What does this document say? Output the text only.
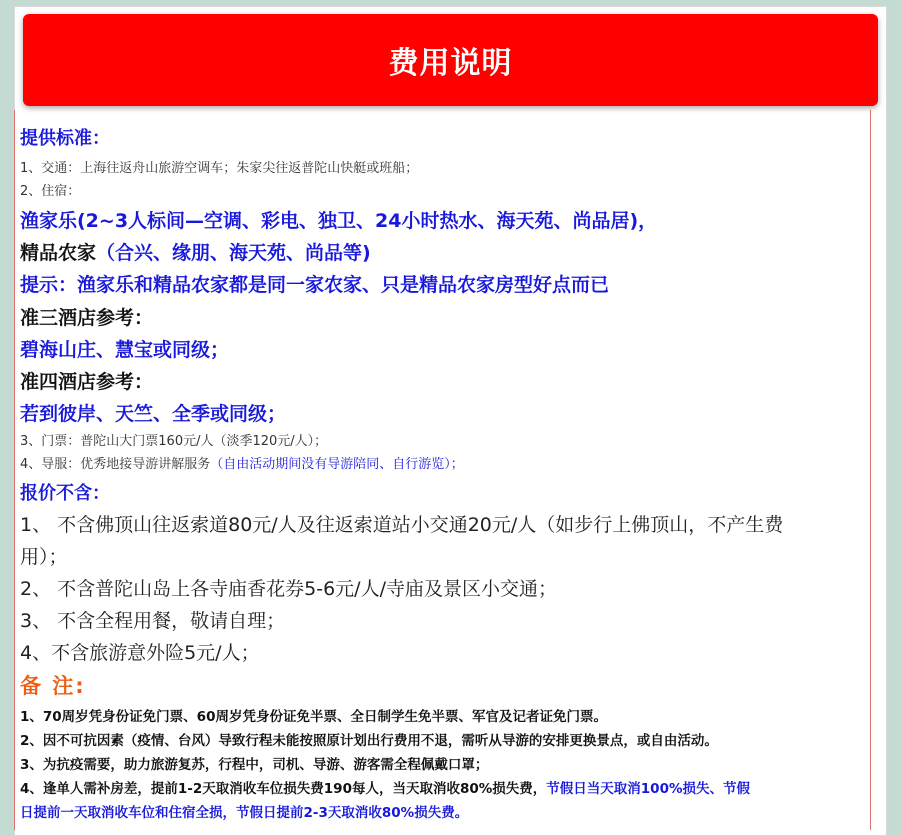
费用说明
提供标准：
1、交通：上海往返舟山旅游空调车；朱家尖往返普陀山快艇或班船；
2、住宿：
渔家乐(2~3人标间—空调、彩电、独卫、24小时热水、海天苑、尚品居)，
精品农家（合兴、缘朋、海天苑、尚品等)
提示：渔家乐和精品农家都是同一家农家、只是精品农家房型好点而已
准三酒店参考：
碧海山庄、慧宝或同级；
准四酒店参考：
若到彼岸、天竺、全季或同级；
3、门票：普陀山大门票160元/人（淡季120元/人）；
4、导服：优秀地接导游讲解服务（自由活动期间没有导游陪同、自行游览）；
报价不含：
1、 不含佛顶山往返索道80元/人及往返索道站小交通20元/人（如步行上佛顶山，不产生费
用）；
2、 不含普陀山岛上各寺庙香花券5-6元/人/寺庙及景区小交通；
3、 不含全程用餐，敬请自理；
4、不含旅游意外险5元/人；
备 注:
1、70周岁凭身份证免门票、60周岁凭身份证免半票、全日制学生免半票、军官及记者证免门票。
2、因不可抗因素（疫情、台风）导致行程未能按照原计划出行费用不退，需听从导游的安排更换景点，或自由活动。
3、为抗疫需要，助力旅游复苏，行程中，司机、导游、游客需全程佩戴口罩；
4、逢单人需补房差，提前1-2天取消收车位损失费190每人，当天取消收80%损失费，节假日当天取消100%损失、节假
日提前一天取消收车位和住宿全损，节假日提前2-3天取消收80%损失费。
